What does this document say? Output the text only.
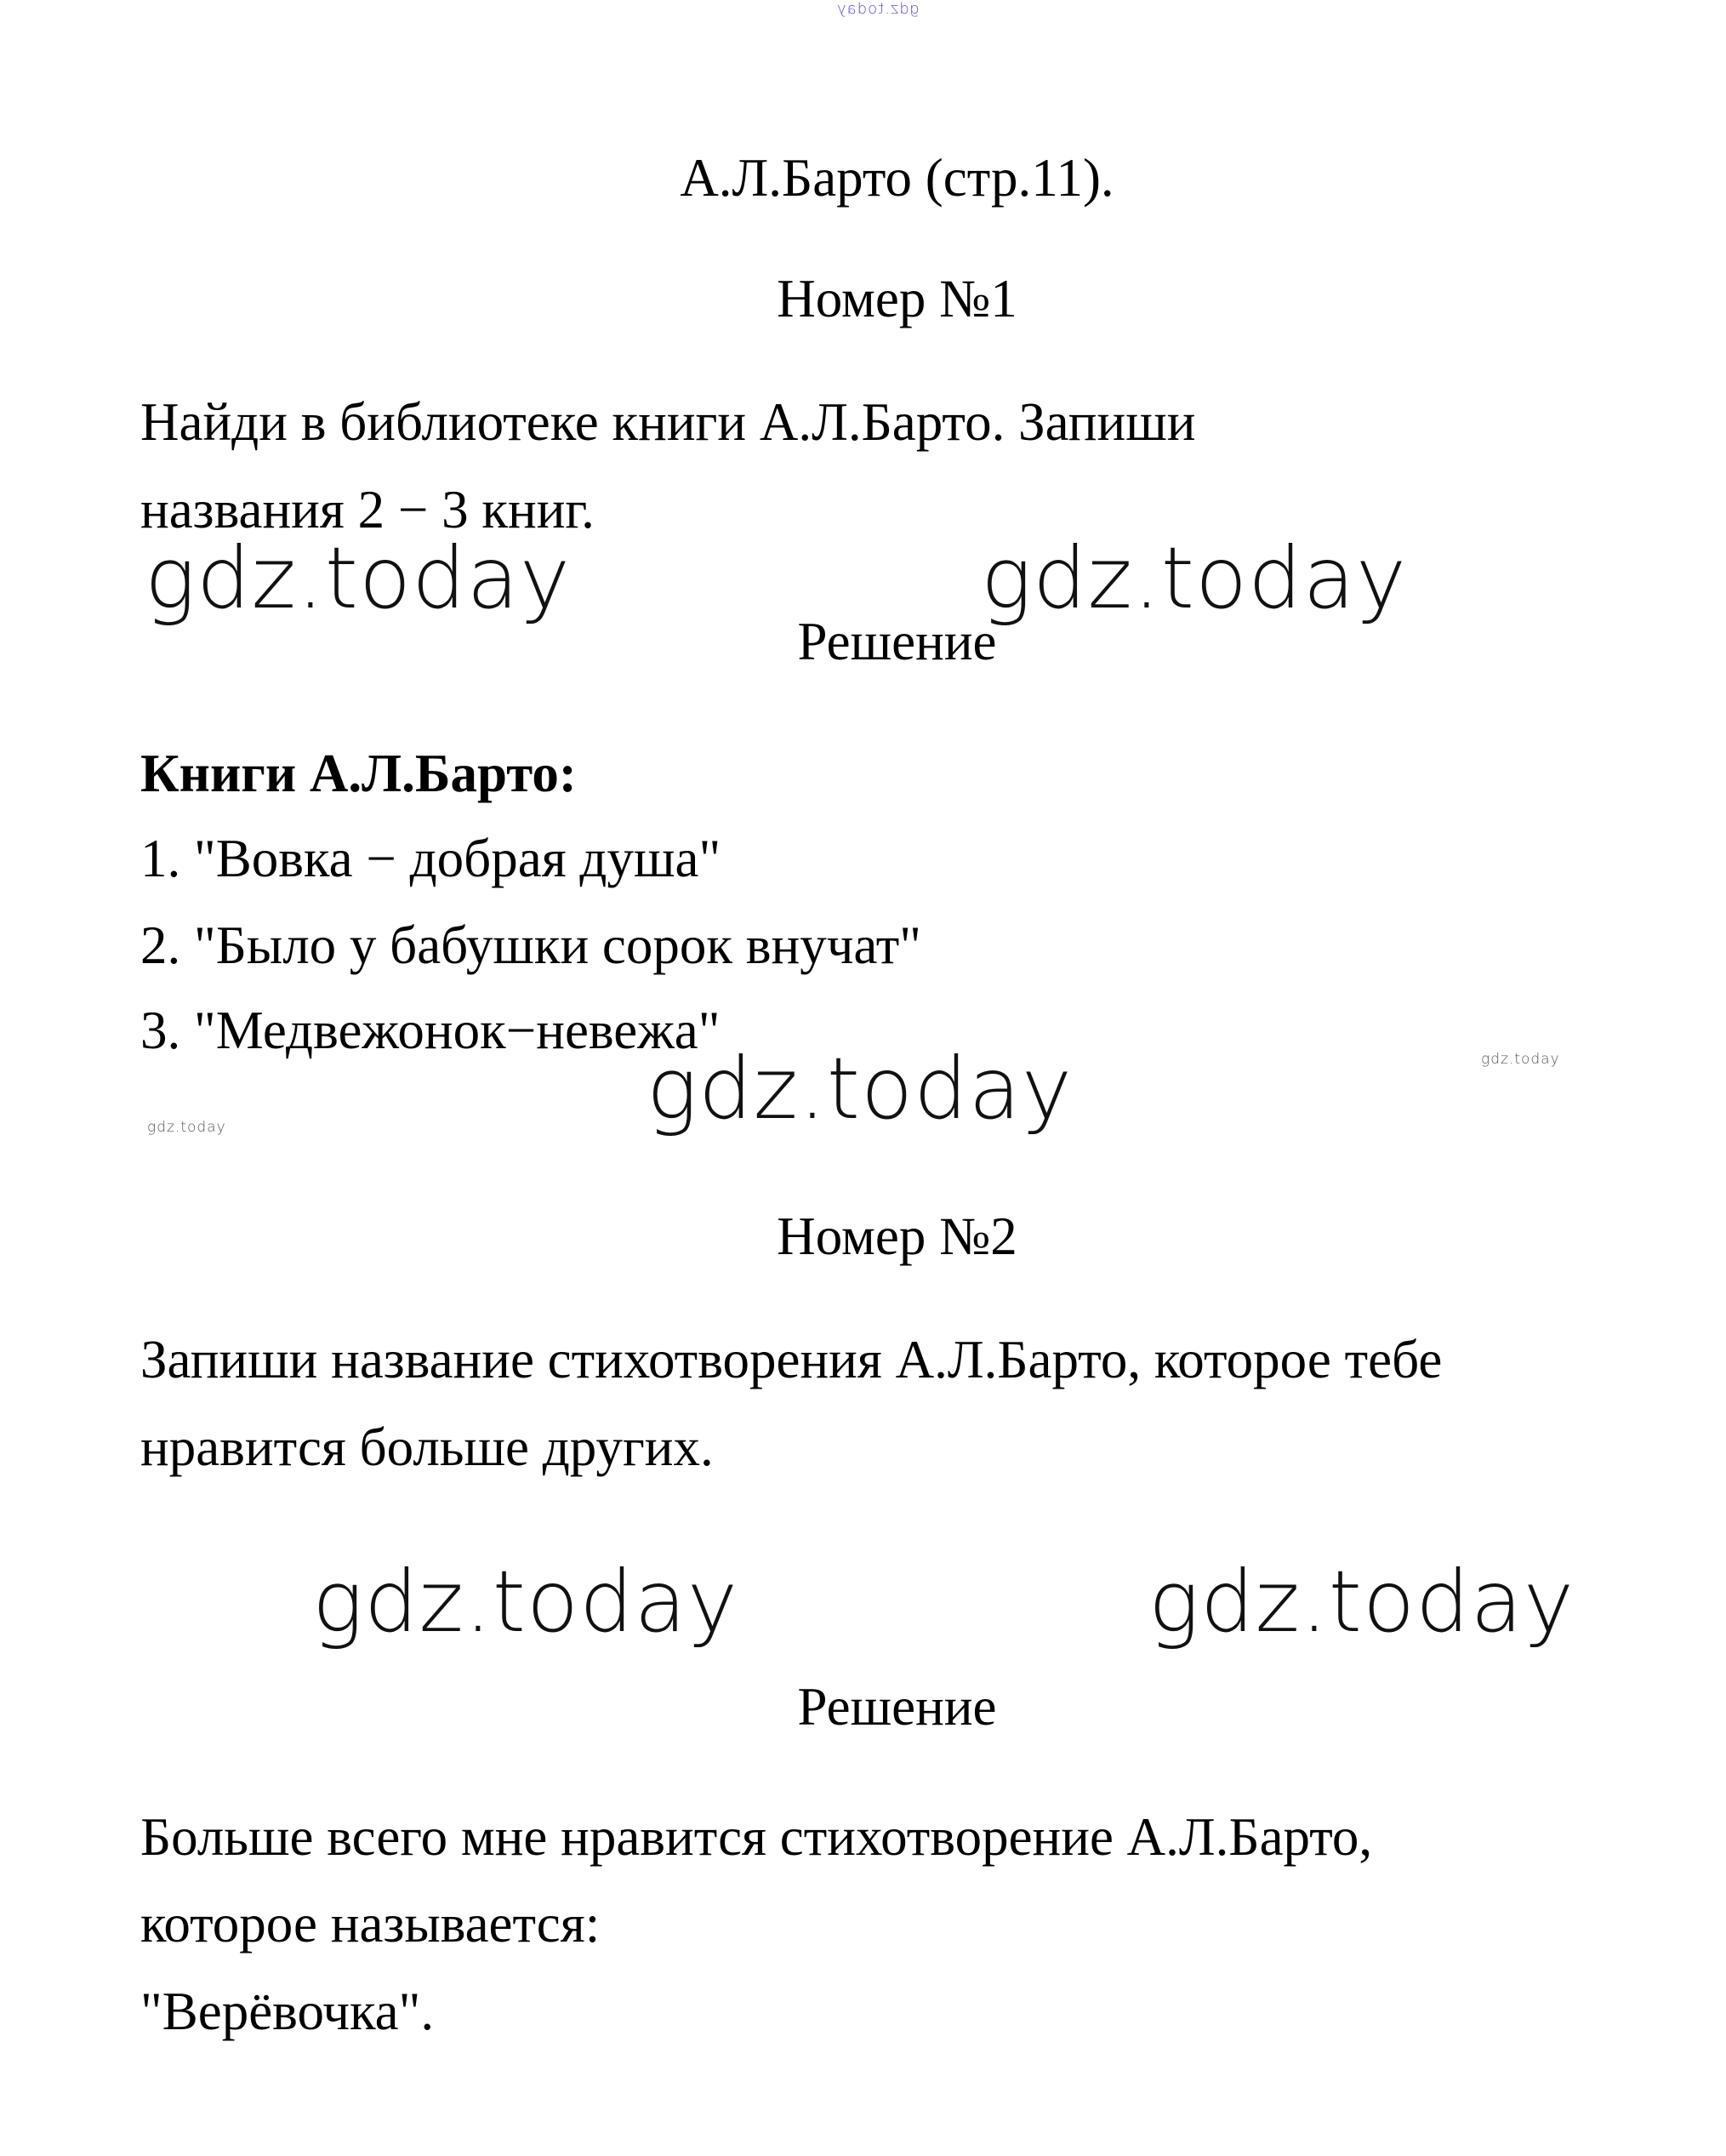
gdz.today
А.Л.Барто (стр.11).
Номер №1
Найди в библиотеке книги А.Л.Барто. Запиши
названия 2 − 3 книг.
gdz.today	gdz.today
Решение
Книги А.Л.Барто:
1. "Вовка − добрая душа"
2. "Было у бабушки сорок внучат"
3. "Медвежонок−невежа"
gdz.today	gdz.today
gdz.today
Номер №2
Запиши название стихотворения А.Л.Барто, которое тебе
нравится больше других.
gdz.today	gdz.today
Решение
Больше всего мне нравится стихотворение А.Л.Барто,
которое называется:
"Верёвочка".
